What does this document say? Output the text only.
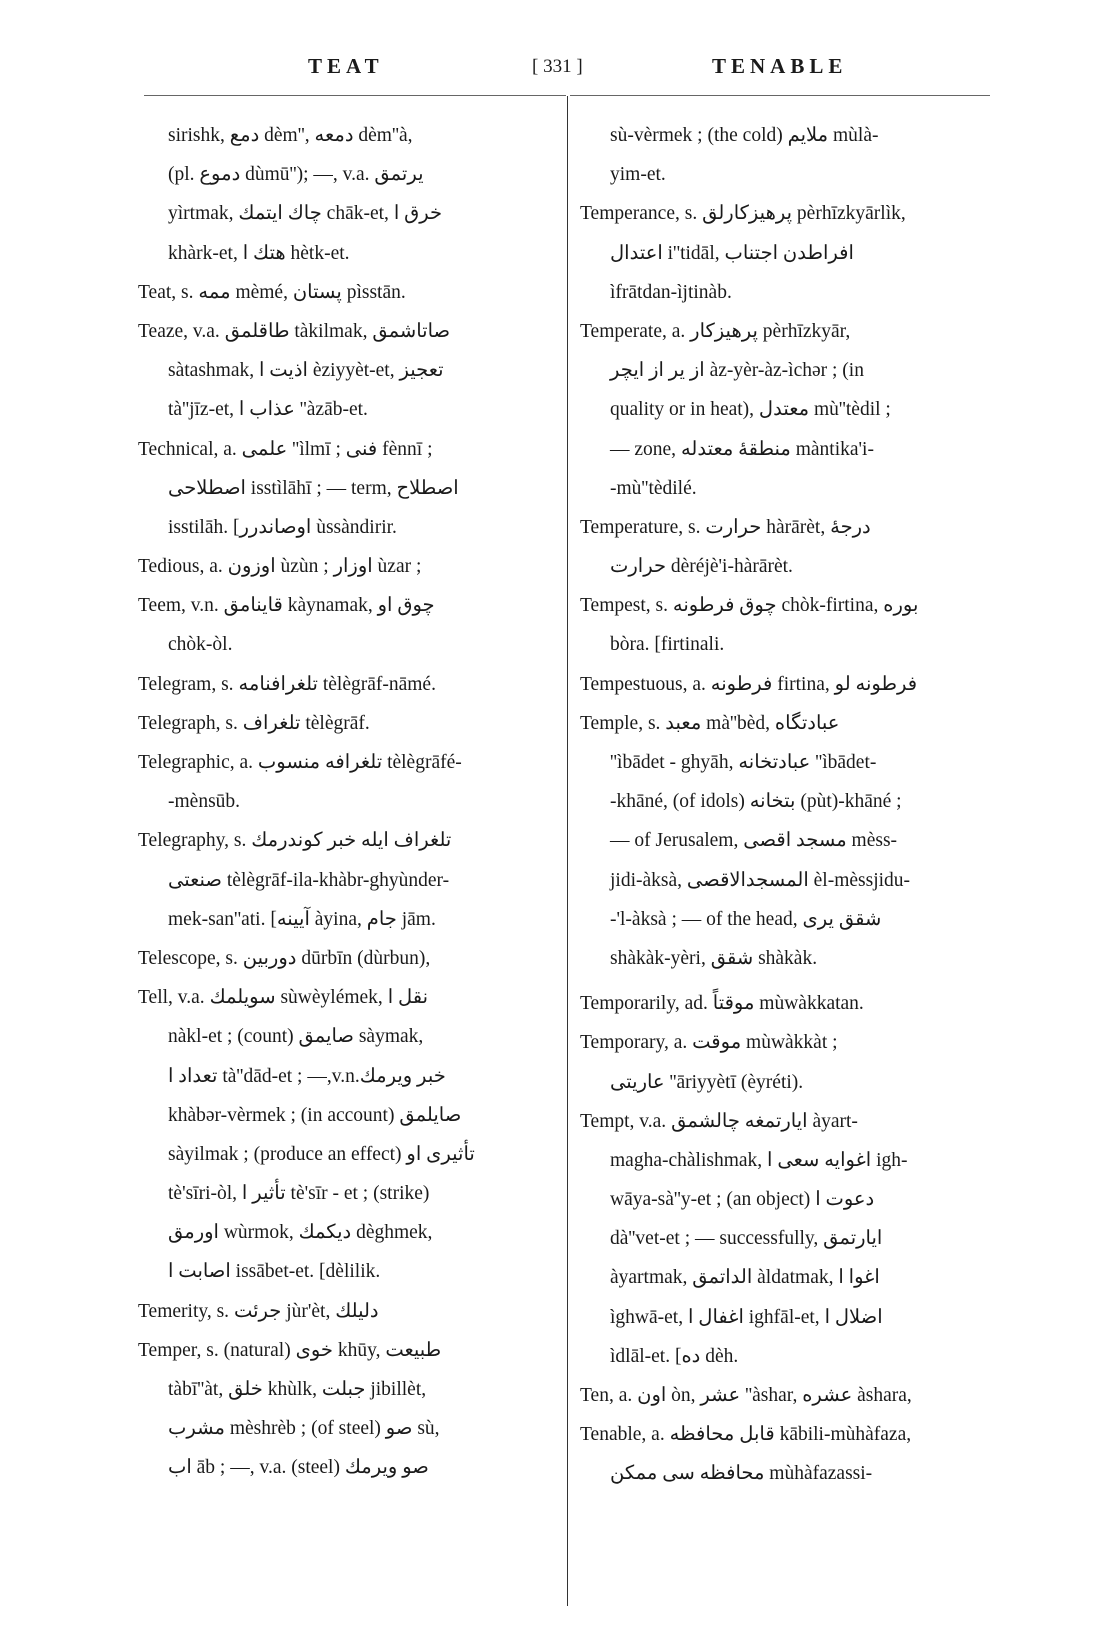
TEAT	[ 331 ]	TENABLE
sirishk, دمع dèm'', دمعه dèm''à,
(pl. دموع dùmū''); —, v.a. يرتمق
yìrtmak, چاك ايتمك chāk-et, خرق ا
khàrk-et, هتك ا hètk-et.
Teat, s. ممه mèmé, پستان pìsstān.
Teaze, v.a. طاقلمق tàkilmak, صاتاشمق
sàtashmak, اذيت ا èziyyèt-et, تعجيز
tà''jīz-et, عذاب ا ''àzāb-et.
Technical, a. علمى ''ìlmī ; فنى fènnī ;
اصطلاحى isstìlāhī ; — term, اصطلاح
isstilāh. [اوصاندرر ùssàndirir.
Tedious, a. اوزون ùzùn ; اوزار ùzar ;
Teem, v.n. قاينامق kàynamak, چوق او
chòk-òl.
Telegram, s. تلغرافنامه tèlègrāf-nāmé.
Telegraph, s. تلغراف tèlègrāf.
Telegraphic, a. تلغرافه منسوب tèlègrāfé-
-mènsūb.
Telegraphy, s. تلغراف ايله خبر كوندرمك
صنعتى tèlègrāf-ila-khàbr-ghyùnder-
mek-san''ati. [آيينه àyina, جام jām.
Telescope, s. دوربين dūrbīn (dùrbun),
Tell, v.a. سويلمك sùwèylémek, نقل ا
nàkl-et ; (count) صايمق sàymak,
تعداد ا tà''dād-et ; —,v.n.خبر ويرمك
khàbər-vèrmek ; (in account) صايلمق
sàyilmak ; (produce an effect) تأثيرى او
tè'sīri-òl, تأثير ا tè'sīr - et ; (strike)
اورمق wùrmok, ديكمك dèghmek,
اصابت ا issābet-et. [dèlilik.
Temerity, s. جرئت jùr'èt, دليلك
Temper, s. (natural) خوى khūy, طبيعت
tàbī''àt, خلق khùlk, جبلت jibillèt,
مشرب mèshrèb ; (of steel) صو sù,
اب āb ; —, v.a. (steel) صو ويرمك
sù-vèrmek ; (the cold) ملايم mùlà-
yim-et.
Temperance, s. پرهيزكارلق pèrhīzkyārlìk,
اعتدال i''tidāl, افراطدن اجتناب
ìfrātdan-ìjtinàb.
Temperate, a. پرهيزكار pèrhīzkyār,
از ير از ايچر àz-yèr-àz-ìchər ; (in
quality or in heat), معتدل mù''tèdil ;
— zone, منطقهٔ معتدله màntika'i-
-mù''tèdilé.
Temperature, s. حرارت hàrārèt, درجهٔ
حرارت dèréjè'i-hàrārèt.
Tempest, s. چوق فرطونه chòk-firtina, بوره
bòra. [firtinali.
Tempestuous, a. فرطونه firtina, فرطونه لو
Temple, s. معبد mà''bèd, عبادتگاه
''ìbādet - ghyāh, عبادتخانه ''ìbādet-
-khāné, (of idols) بتخانه (pùt)-khāné ;
— of Jerusalem, مسجد اقصى mèss-
jidi-àksà, المسجدالاقصى èl-mèssjidu-
-'l-àksà ; — of the head, شقق يرى
shàkàk-yèri, شقق shàkàk.
Temporarily, ad. موقتاً mùwàkkatan.
Temporary, a. موقت mùwàkkàt ;
عاريتى ''āriyyètī (èyréti).
Tempt, v.a. ايارتمغه چالشمق àyart-
magha-chàlishmak, اغوايه سعى ا igh-
wāya-sà''y-et ; (an object) دعوت ا
dà''vet-et ; — successfully, ايارتمق
àyartmak, الداتمق àldatmak, اغوا ا
ìghwā-et, اغفال ا ighfāl-et, اضلال ا
ìdlāl-et. [ده dèh.
Ten, a. اون òn, عشر ''àshar, عشره àshara,
Tenable, a. قابل محافظه kābili-mùhàfaza,
محافظه سى ممكن mùhàfazassi-
